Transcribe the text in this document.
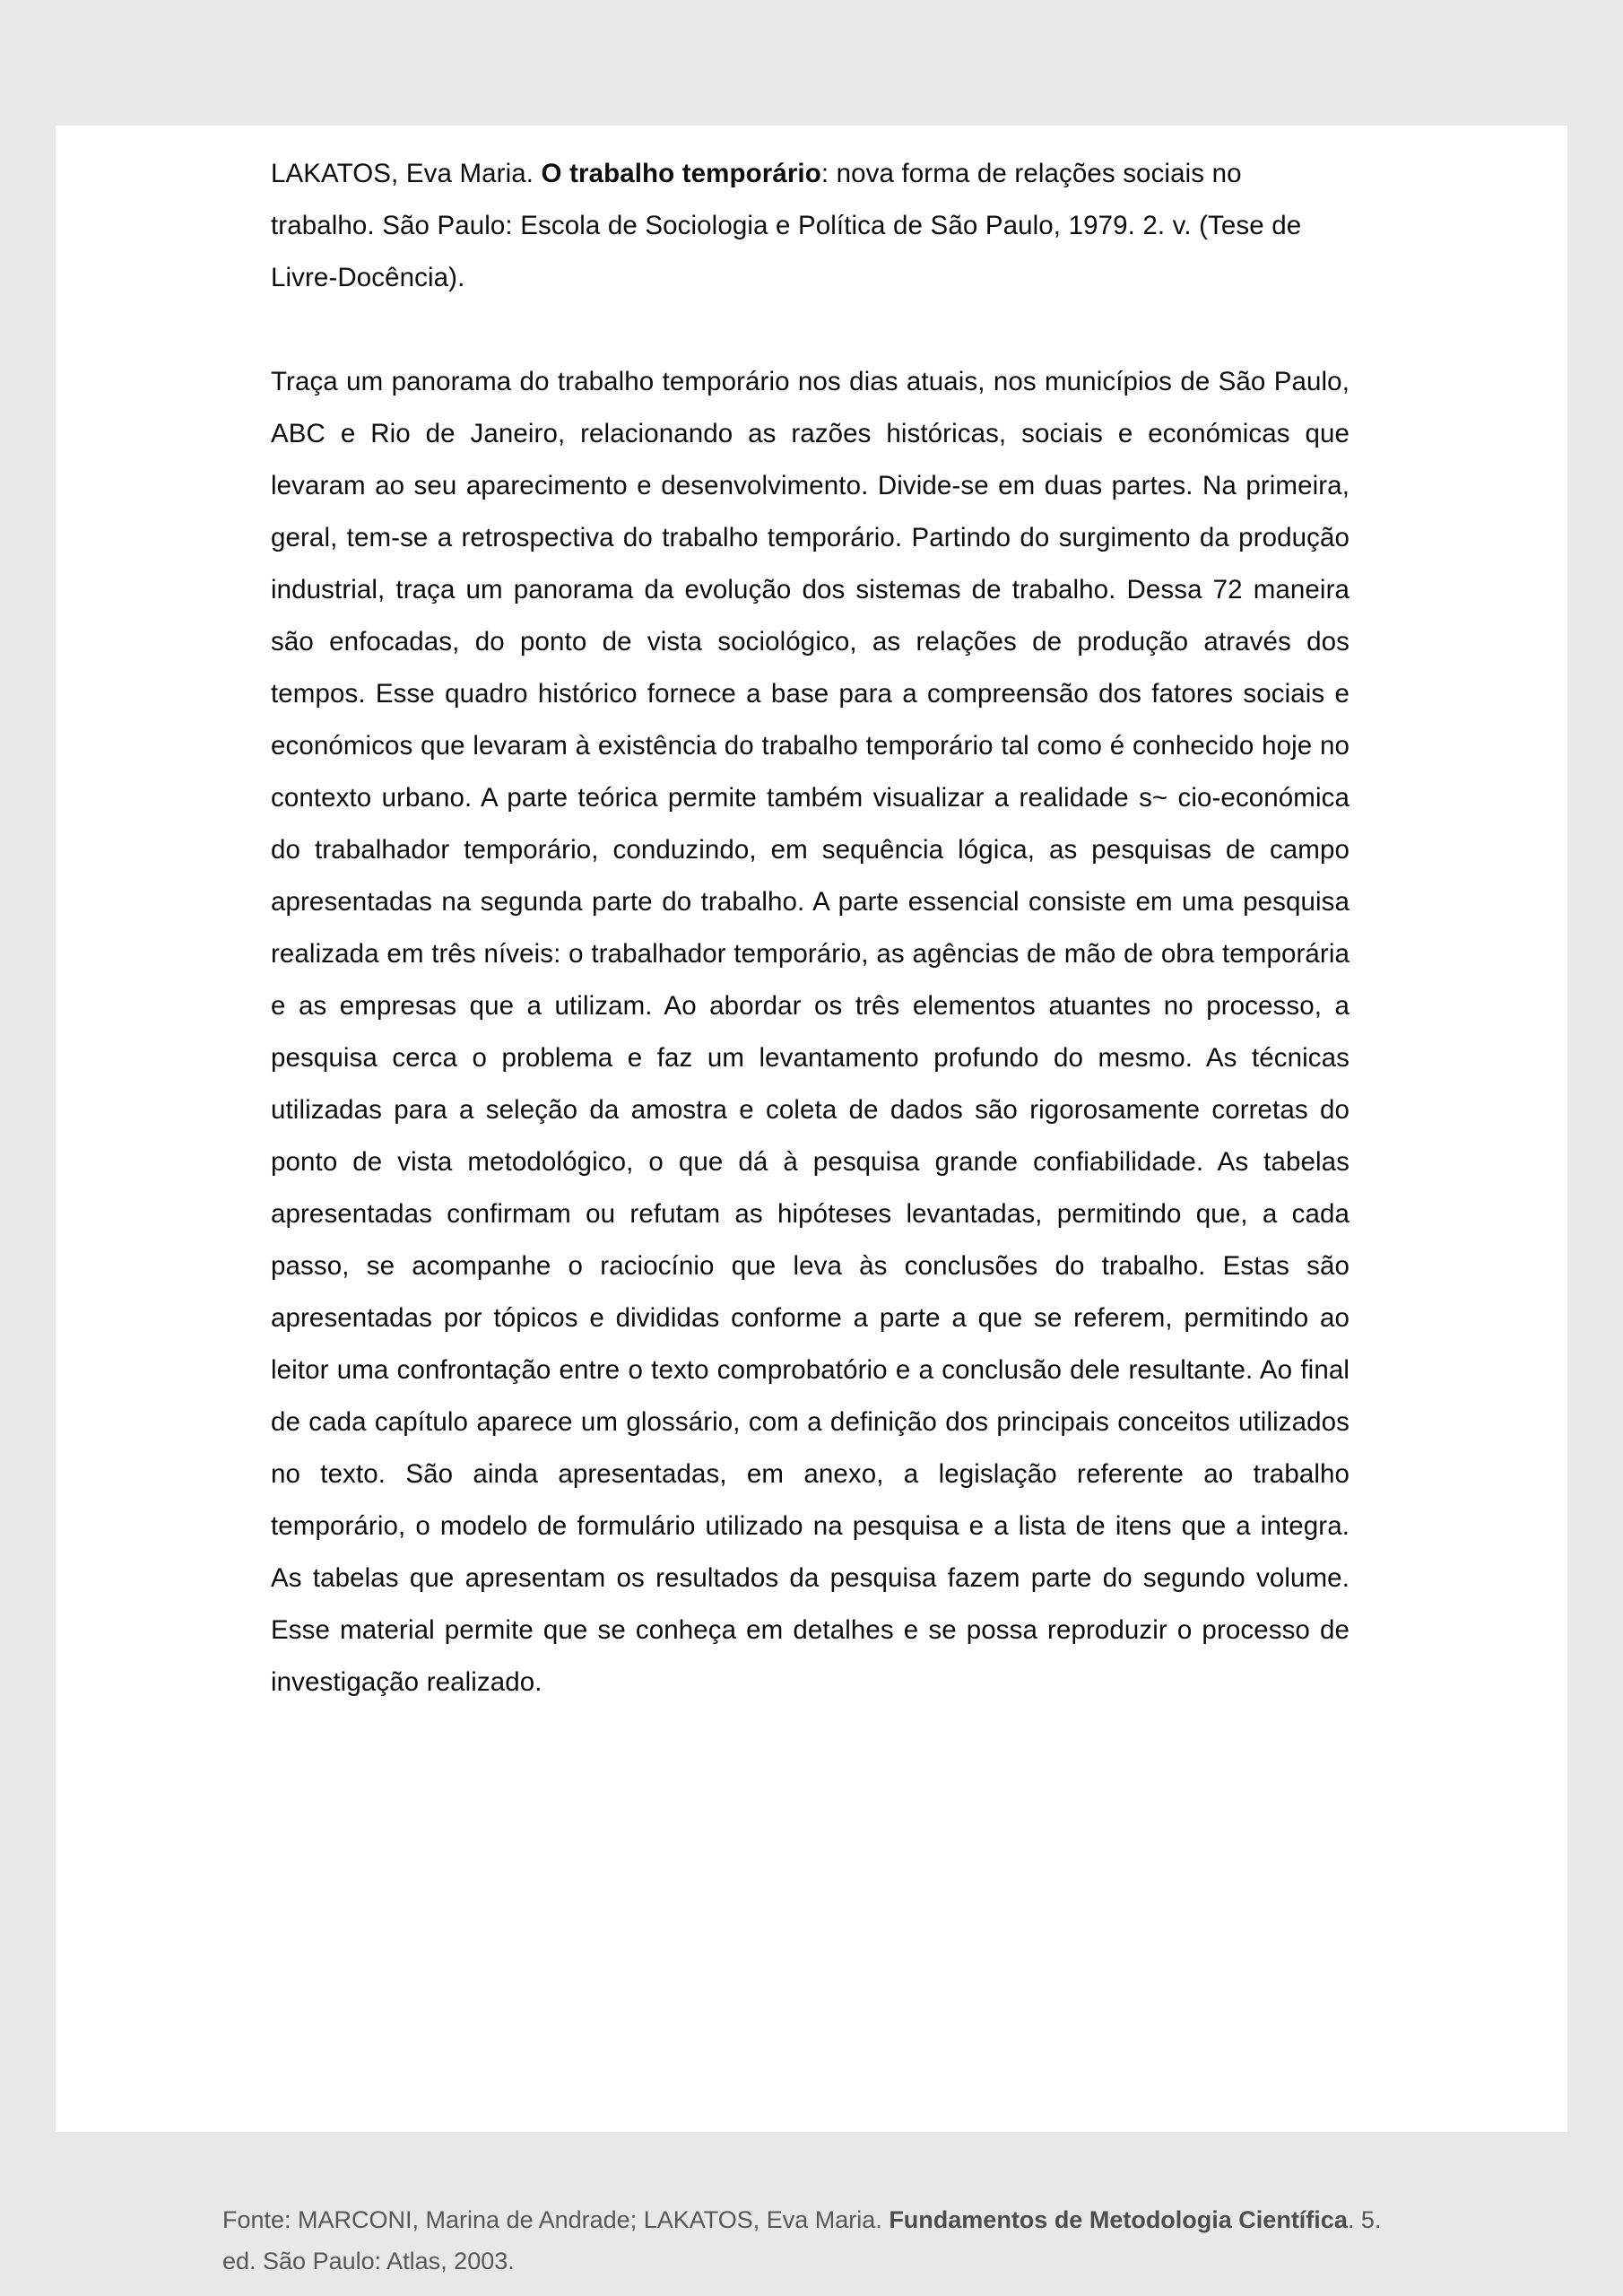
LAKATOS, Eva Maria. O trabalho temporário: nova forma de relações sociais no trabalho. São Paulo: Escola de Sociologia e Política de São Paulo, 1979. 2. v. (Tese de Livre-Docência).

Traça um panorama do trabalho temporário nos dias atuais, nos municípios de São Paulo, ABC e Rio de Janeiro, relacionando as razões históricas, sociais e económicas que levaram ao seu aparecimento e desenvolvimento. Divide-se em duas partes. Na primeira, geral, tem-se a retrospectiva do trabalho temporário. Partindo do surgimento da produção industrial, traça um panorama da evolução dos sistemas de trabalho. Dessa 72 maneira são enfocadas, do ponto de vista sociológico, as relações de produção através dos tempos. Esse quadro histórico fornece a base para a compreensão dos fatores sociais e económicos que levaram à existência do trabalho temporário tal como é conhecido hoje no contexto urbano. A parte teórica permite também visualizar a realidade s~ cio-económica do trabalhador temporário, conduzindo, em sequência lógica, as pesquisas de campo apresentadas na segunda parte do trabalho. A parte essencial consiste em uma pesquisa realizada em três níveis: o trabalhador temporário, as agências de mão de obra temporária e as empresas que a utilizam. Ao abordar os três elementos atuantes no processo, a pesquisa cerca o problema e faz um levantamento profundo do mesmo. As técnicas utilizadas para a seleção da amostra e coleta de dados são rigorosamente corretas do ponto de vista metodológico, o que dá à pesquisa grande confiabilidade. As tabelas apresentadas confirmam ou refutam as hipóteses levantadas, permitindo que, a cada passo, se acompanhe o raciocínio que leva às conclusões do trabalho. Estas são apresentadas por tópicos e divididas conforme a parte a que se referem, permitindo ao leitor uma confrontação entre o texto comprobatório e a conclusão dele resultante. Ao final de cada capítulo aparece um glossário, com a definição dos principais conceitos utilizados no texto. São ainda apresentadas, em anexo, a legislação referente ao trabalho temporário, o modelo de formulário utilizado na pesquisa e a lista de itens que a integra. As tabelas que apresentam os resultados da pesquisa fazem parte do segundo volume. Esse material permite que se conheça em detalhes e se possa reproduzir o processo de investigação realizado.

Fonte: MARCONI, Marina de Andrade; LAKATOS, Eva Maria. Fundamentos de Metodologia Científica. 5. ed. São Paulo: Atlas, 2003.
